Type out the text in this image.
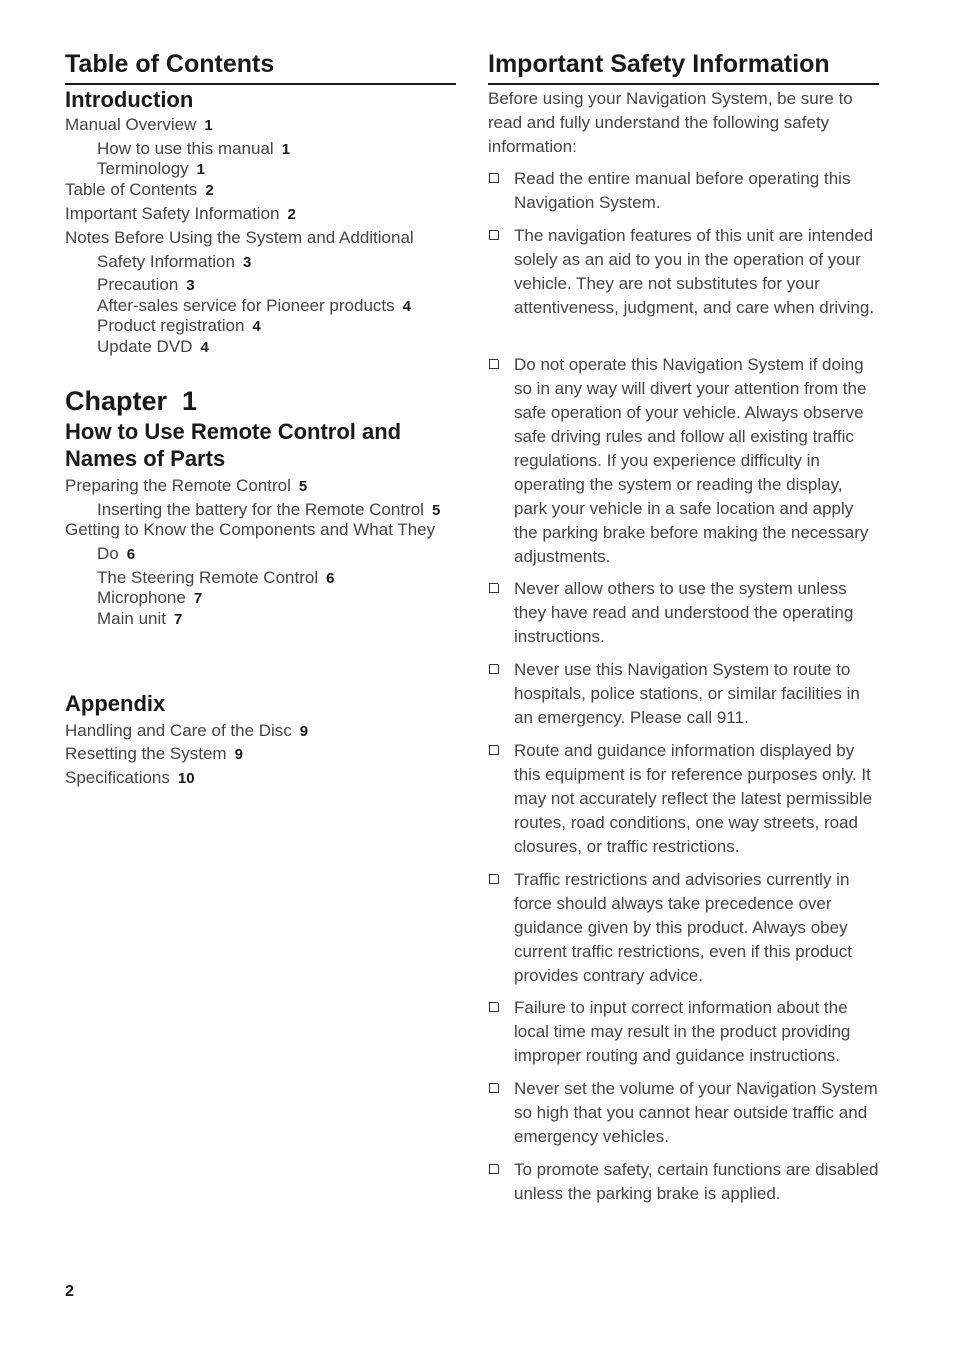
Table of Contents
Introduction
Manual Overview 1
How to use this manual 1
Terminology 1
Table of Contents 2
Important Safety Information 2
Notes Before Using the System and Additional
Safety Information 3
Precaution 3
After-sales service for Pioneer products 4
Product registration 4
Update DVD 4
Chapter 1
How to Use Remote Control and Names of Parts
Preparing the Remote Control 5
Inserting the battery for the Remote Control 5
Getting to Know the Components and What They
Do 6
The Steering Remote Control 6
Microphone 7
Main unit 7
Appendix
Handling and Care of the Disc 9
Resetting the System 9
Specifications 10
Important Safety Information
Before using your Navigation System, be sure to read and fully understand the following safety information:
Read the entire manual before operating this Navigation System.
The navigation features of this unit are intended solely as an aid to you in the operation of your vehicle. They are not substitutes for your attentiveness, judgment, and care when driving.
Do not operate this Navigation System if doing so in any way will divert your attention from the safe operation of your vehicle. Always observe safe driving rules and follow all existing traffic regulations. If you experience difficulty in operating the system or reading the display, park your vehicle in a safe location and apply the parking brake before making the necessary adjustments.
Never allow others to use the system unless they have read and understood the operating instructions.
Never use this Navigation System to route to hospitals, police stations, or similar facilities in an emergency. Please call 911.
Route and guidance information displayed by this equipment is for reference purposes only. It may not accurately reflect the latest permissible routes, road conditions, one way streets, road closures, or traffic restrictions.
Traffic restrictions and advisories currently in force should always take precedence over guidance given by this product. Always obey current traffic restrictions, even if this product provides contrary advice.
Failure to input correct information about the local time may result in the product providing improper routing and guidance instructions.
Never set the volume of your Navigation System so high that you cannot hear outside traffic and emergency vehicles.
To promote safety, certain functions are disabled unless the parking brake is applied.
2
